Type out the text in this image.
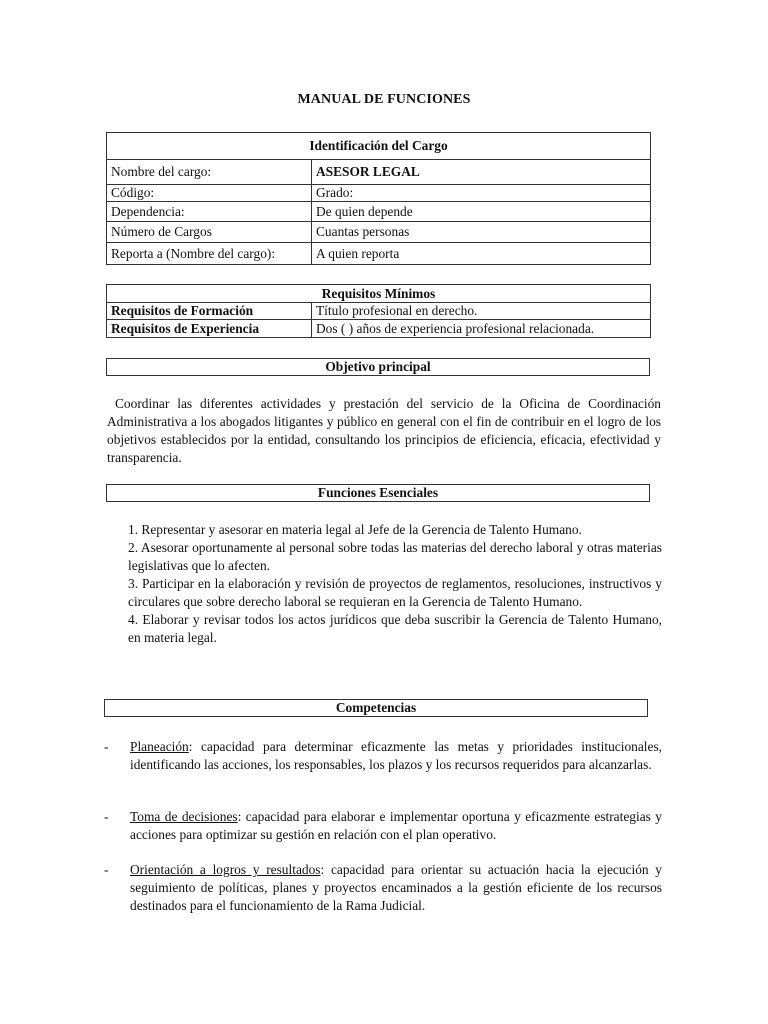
MANUAL DE FUNCIONES
Identificación del Cargo	
Nombre del cargo:	ASESOR LEGAL
Código:	Grado:
Dependencia:	De quien depende
Número de Cargos	Cuantas personas
Reporta a (Nombre del cargo):	A quien reporta
Requisitos Mínimos	
Requisitos de Formación	Título profesional en derecho.
Requisitos de Experiencia	Dos ( ) años de experiencia profesional relacionada.
Objetivo principal
Coordinar las diferentes actividades y prestación del servicio de la Oficina de Coordinación Administrativa a los abogados litigantes y público en general con el fin de contribuir en el logro de los objetivos establecidos por la entidad, consultando los principios de eficiencia, eficacia, efectividad y transparencia.
Funciones Esenciales
1. Representar y asesorar en materia legal al Jefe de la Gerencia de Talento Humano.
2. Asesorar oportunamente al personal sobre todas las materias del derecho laboral y otras materias legislativas que lo afecten.
3. Participar en la elaboración y revisión de proyectos de reglamentos, resoluciones, instructivos y circulares que sobre derecho laboral se requieran en la Gerencia de Talento Humano.
4. Elaborar y revisar todos los actos jurídicos que deba suscribir la Gerencia de Talento Humano, en materia legal.
Competencias
- Planeación: capacidad para determinar eficazmente las metas y prioridades institucionales, identificando las acciones, los responsables, los plazos y los recursos requeridos para alcanzarlas.
- Toma de decisiones: capacidad para elaborar e implementar oportuna y eficazmente estrategias y acciones para optimizar su gestión en relación con el plan operativo.
- Orientación a logros y resultados: capacidad para orientar su actuación hacia la ejecución y seguimiento de políticas, planes y proyectos encaminados a la gestión eficiente de los recursos destinados para el funcionamiento de la Rama Judicial.
